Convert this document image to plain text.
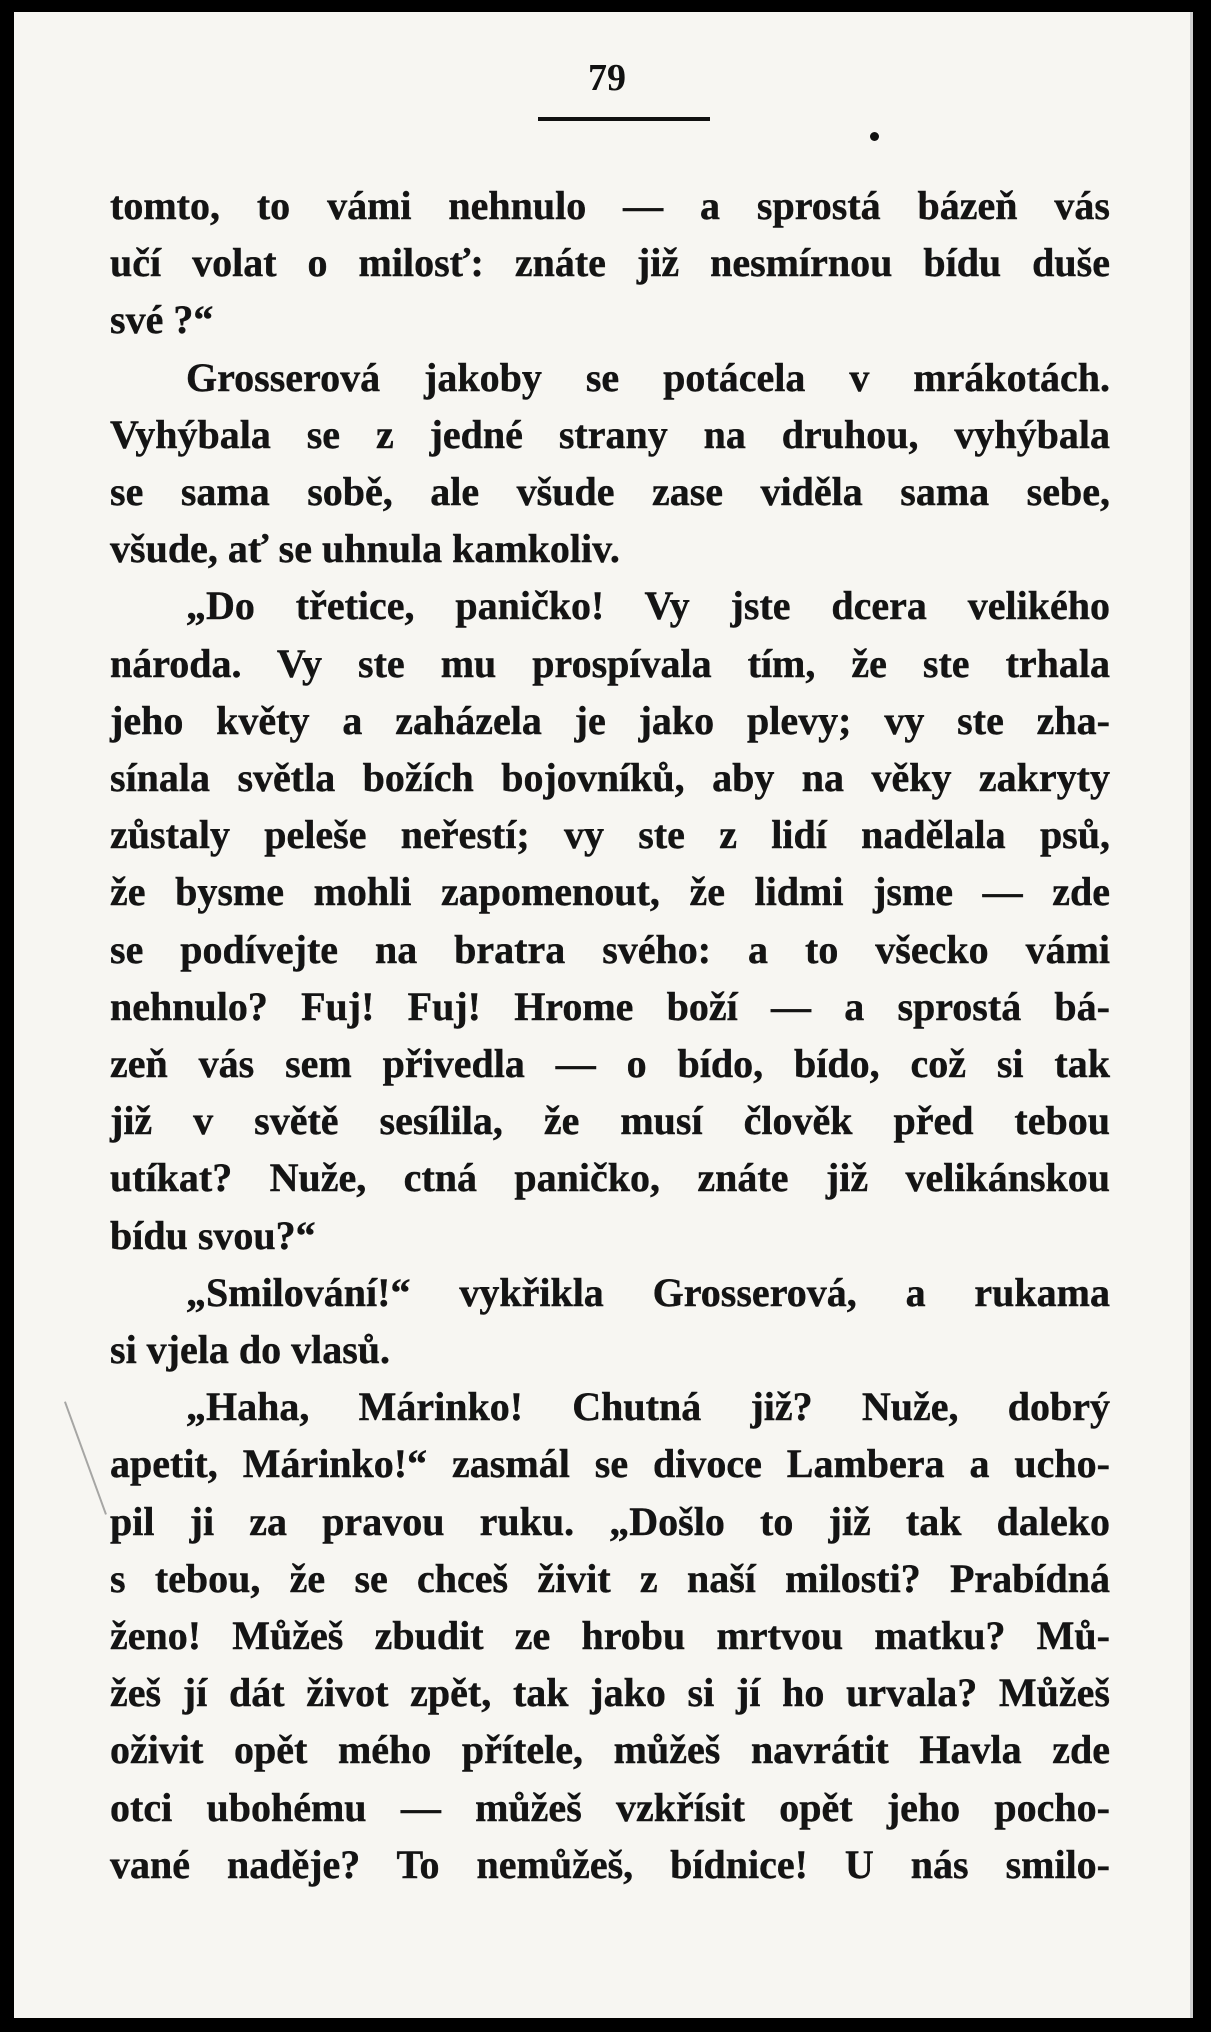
79
tomto, to vámi nehnulo — a sprostá bázeň vás
učí volat o milosť: znáte již nesmírnou bídu duše
své ?“
Grosserová jakoby se potácela v mrákotách.
Vyhýbala se z jedné strany na druhou, vyhýbala
se sama sobě, ale všude zase viděla sama sebe,
všude, ať se uhnula kamkoliv.
„Do třetice, paničko! Vy jste dcera velikého
národa. Vy ste mu prospívala tím, že ste trhala
jeho květy a zaházela je jako plevy; vy ste zha-
sínala světla božích bojovníků, aby na věky zakryty
zůstaly peleše neřestí; vy ste z lidí nadělala psů,
že bysme mohli zapomenout, že lidmi jsme — zde
se podívejte na bratra svého: a to všecko vámi
nehnulo? Fuj! Fuj! Hrome boží — a sprostá bá-
zeň vás sem přivedla — o bído, bído, což si tak
již v světě sesílila, že musí člověk před tebou
utíkat? Nuže, ctná paničko, znáte již velikánskou
bídu svou?“
„Smilování!“ vykřikla Grosserová, a rukama
si vjela do vlasů.
„Haha, Márinko! Chutná již? Nuže, dobrý
apetit, Márinko!“ zasmál se divoce Lambera a ucho-
pil ji za pravou ruku. „Došlo to již tak daleko
s tebou, že se chceš živit z naší milosti? Prabídná
ženo! Můžeš zbudit ze hrobu mrtvou matku? Mů-
žeš jí dát život zpět, tak jako si jí ho urvala? Můžeš
oživit opět mého přítele, můžeš navrátit Havla zde
otci ubohému — můžeš vzkřísit opět jeho pocho-
vané naděje? To nemůžeš, bídnice! U nás smilo-
